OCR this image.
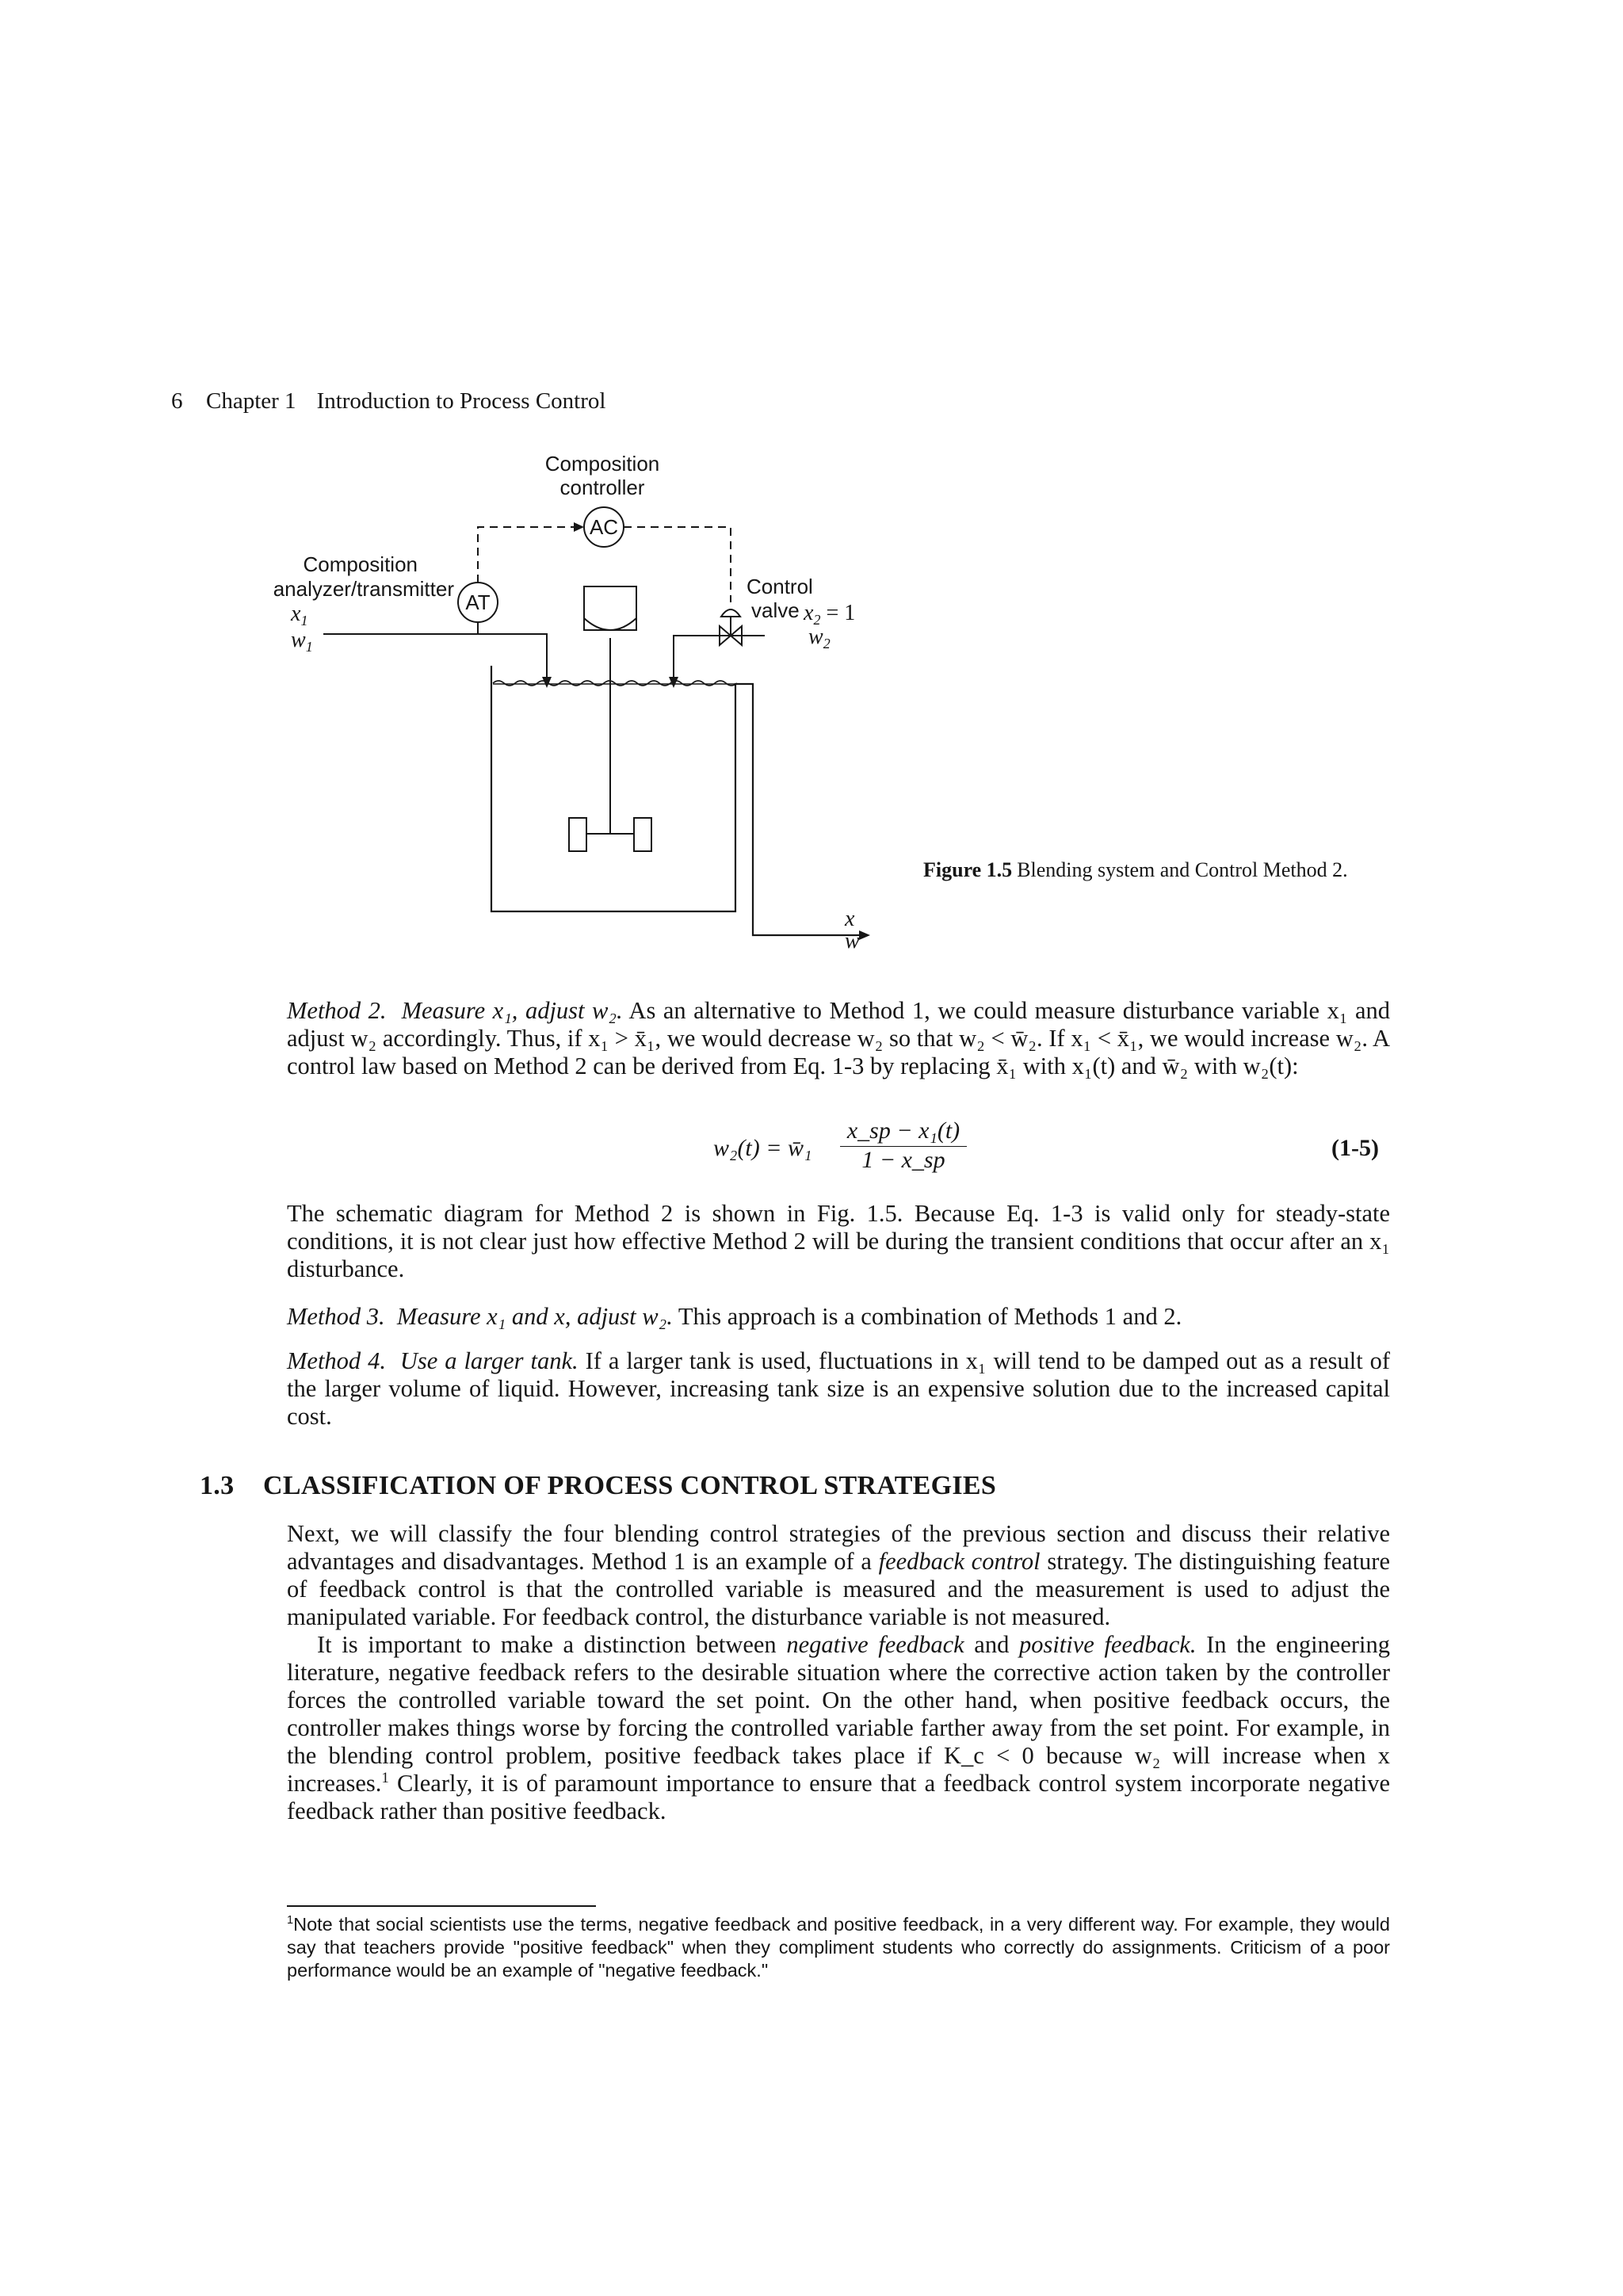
6 Chapter 1 Introduction to Process Control
Composition
controller
AC
Composition
analyzer/transmitter
AT
$x_1$
$w_1$
Control
valve $x_2 = 1$
$w_2$
x
w
Figure 1.5 Blending system and Control Method 2.

Method 2. Measure x₁, adjust w₂. As an alternative to Method 1, we could measure disturbance variable x₁ and adjust w₂ accordingly. Thus, if x₁ > x̄₁, we would decrease w₂ so that w₂ < w̄₂. If x₁ < x̄₁, we would increase w₂. A control law based on Method 2 can be derived from Eq. 1-3 by replacing x̄₁ with x₁(t) and w̄₂ with w₂(t):

w₂(t) = w̄₁ $\frac{\text{x\_sp − x₁(t)}}{1 - x\_sp}$	(1-5)

The schematic diagram for Method 2 is shown in Fig. 1.5. Because Eq. 1-3 is valid only for steady-state conditions, it is not clear just how effective Method 2 will be during the transient conditions that occur after an x₁ disturbance.

Method 3. Measure x₁ and x, adjust w₂. This approach is a combination of Methods 1 and 2.

Method 4. Use a larger tank. If a larger tank is used, fluctuations in x₁ will tend to be damped out as a result of the larger volume of liquid. However, increasing tank size is an expensive solution due to the increased capital cost.

1.3 CLASSIFICATION OF PROCESS CONTROL STRATEGIES

Next, we will classify the four blending control strategies of the previous section and discuss their relative advantages and disadvantages. Method 1 is an example of a feedback control strategy. The distinguishing feature of feedback control is that the controlled variable is measured and the measurement is used to adjust the manipulated variable. For feedback control, the disturbance variable is not measured.

It is important to make a distinction between negative feedback and positive feedback. In the engineering literature, negative feedback refers to the desirable situation where the corrective action taken by the controller forces the controlled variable toward the set point. On the other hand, when positive feedback occurs, the controller makes things worse by forcing the controlled variable farther away from the set point. For example, in the blending control problem, positive feedback takes place if K_c < 0 because w₂ will increase when x increases.$^1$ Clearly, it is of paramount importance to ensure that a feedback control system incorporate negative feedback rather than positive feedback.

$^1$Note that social scientists use the terms, negative feedback and positive feedback, in a very different way. For example, they would say that teachers provide "positive feedback" when they compliment students who correctly do assignments. Criticism of a poor performance would be an example of "negative feedback."
